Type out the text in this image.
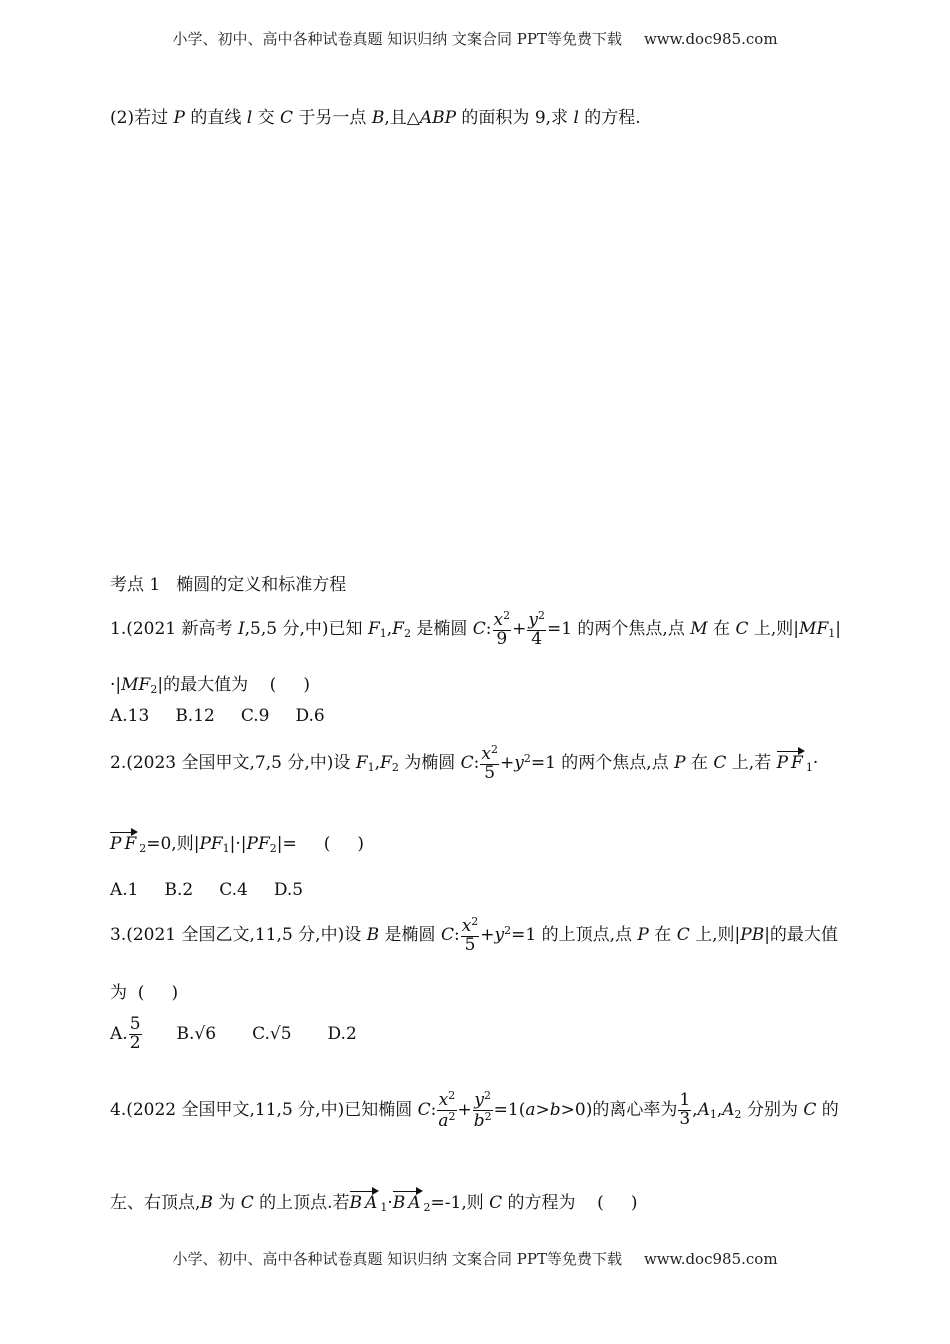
小学、初中、高中各种试卷真题 知识归纳 文案合同 PPT等免费下载 www.doc985.com
(2)若过 P 的直线 l 交 C 于另一点 B,且△ABP 的面积为 9,求 l 的方程.
考点 1 椭圆的定义和标准方程
1.(2021 新高考 Ⅰ,5,5 分,中)已知 $F_1,F_2$ 是椭圆 C: $\frac{x^2}{9} + \frac{y^2}{4} =1$ 的两个焦点,点 M 在 C 上,则$|MF_1|$
$\cdot|MF_2|$的最大值为    (     )
A.13 B.12 C.9 D.6
2.(2023 全国甲文,7,5 分,中)设 $F_1,F_2$ 为椭圆 C: $\frac{x^2}{5} +y^2=1$ 的两个焦点,点 P 在 C 上,若 $PF_1\cdot$
$PF_2=0$,则$|PF_1|\cdot|PF_2|=$     (     )
A.1 B.2 C.4 D.5
3.(2021 全国乙文,11,5 分,中)设 B 是椭圆 C: $\frac{x^2}{5} +y^2=1$ 的上顶点,点 P 在 C 上,则|PB|的最大值
为  (     )
A. $\frac{5}{2} B.√6$ C.√5 D.2
4.(2022 全国甲文,11,5 分,中)已知椭圆 C: $\frac{x^2}{a^2} + \frac{y^2}{b^2} =1(a>b>0)$的离心率为 $\frac{1}{3} ,A_1,A_2$ 分别为 C 的
左、右顶点,B 为 C 的上顶点.若$BA_1\cdot BA_2=-1$,则 C 的方程为    (     )
小学、初中、高中各种试卷真题 知识归纳 文案合同 PPT等免费下载 www.doc985.com
